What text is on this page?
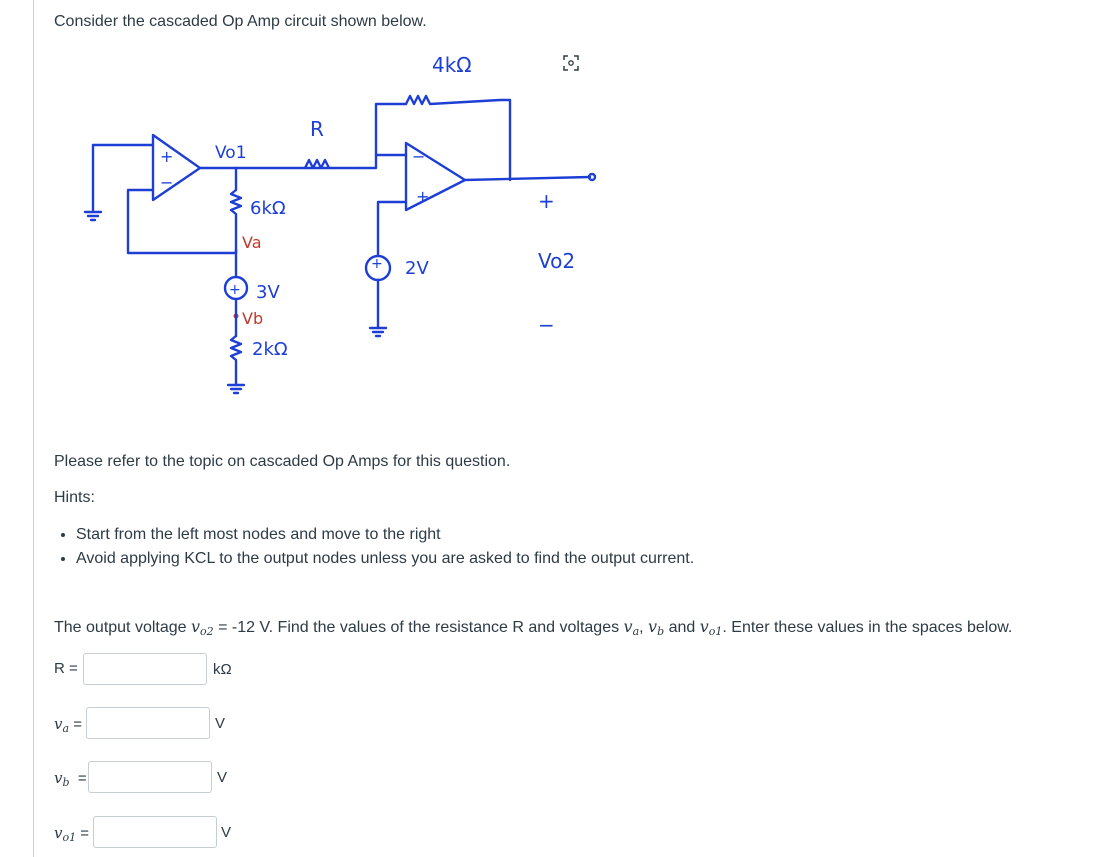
Consider the cascaded Op Amp circuit shown below.
+
−
Vo1
6kΩ
Va
+ 3V
Vb
2kΩ
R
−
+
4kΩ
+
Vo2
−
+ 2V
Please refer to the topic on cascaded Op Amps for this question.
Hints:
• Start from the left most nodes and move to the right
• Avoid applying KCL to the output nodes unless you are asked to find the output current.
The output voltage vo2 = -12 V. Find the values of the resistance R and voltages va, vb and vo1. Enter these values in the spaces below.
R =	kΩ
$v_a$ =	V
$v_b$ =	V
$v_{o1}$ =	V
